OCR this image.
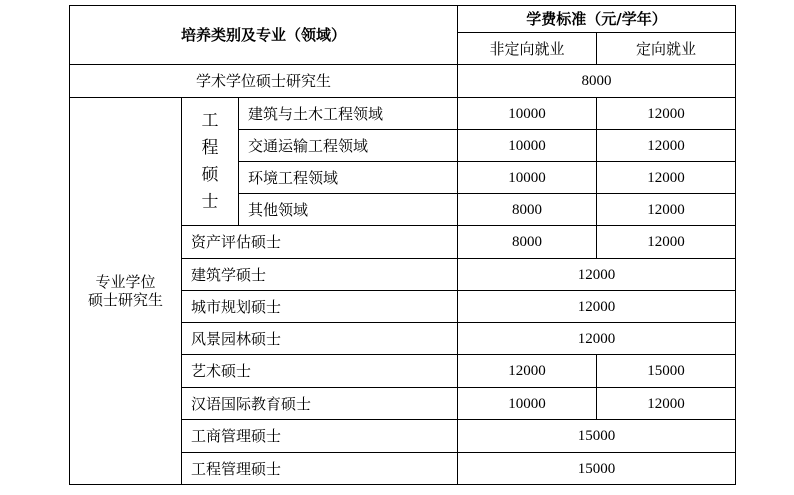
培养类别及专业（领域）			学费标准（元/学年）	
			非定向就业	定向就业
学术学位硕士研究生			8000	

专业学位
硕士研究生	工 程 硕 士	建筑与土木工程领域	10000	12000
		交通运输工程领域	10000	12000
		环境工程领域	10000	12000
		其他领域	8000	12000
	资产评估硕士		8000	12000
	建筑学硕士		12000	
	城市规划硕士		12000	
	风景园林硕士		12000	
	艺术硕士		12000	15000
	汉语国际教育硕士		10000	12000
	工商管理硕士		15000	
	工程管理硕士		15000	
